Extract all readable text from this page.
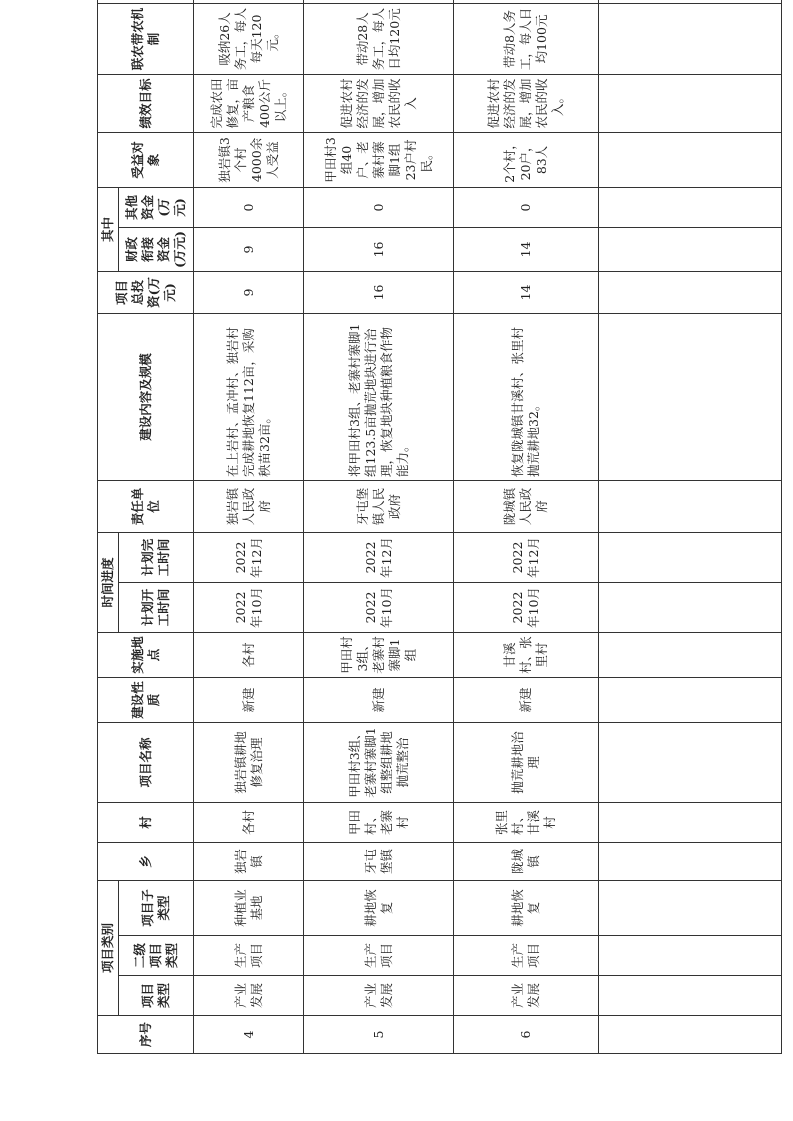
序号	项目类别			乡	村	项目名称	建设性质	实施地点	时间进度		责任单位	建设内容及规模	项目总投资(万元)	其中		受益对象	绩效目标	联农带农机制	
	项目类型	二级项目类型	项目子类型						计划开工时间	计划完工时间				财政衔接资金(万元)	其他资金(万元)				

4	产业发展	生产项目	种植业基地	独岩镇	各村	独岩镇耕地修复治理	新建	各村	2022年10月	2022年12月	独岩镇人民政府	在上岩村、孟冲村、独岩村完成耕地恢复112亩，采购秧苗32亩。	9	9	0	独岩镇3个村4000余人受益	完成农田修复，亩产粮食400公斤以上。	吸纳26人务工，每人每天120元。	
5	产业发展	生产项目	耕地恢复	牙屯堡镇	甲田村、老寨村	甲田村3组、老寨村寨脚1组整组耕地抛荒整治	新建	甲田村3组、老寨村寨脚1组	2022年10月	2022年12月	牙屯堡镇人民政府	将甲田村3组、老寨村寨脚1组123.5亩抛荒地块进行治理，恢复地块种植粮食作物能力。	16	16	0	甲田村3组40户、老寨村寨脚1组23户村民。	促进农村经济的发展，增加农民的收入	带动28人务工，每人日均120元	
6	产业发展	生产项目	耕地恢复	陇城镇	张里村、甘溪村	抛荒耕地治理	新建	甘溪村、张里村	2022年10月	2022年12月	陇城镇人民政府	恢复陇城镇甘溪村、张里村抛荒耕地32。	14	14	0	2个村，20户，83人	促进农村经济的发展，增加农民的收入。	带动8人务工，每人日均100元	
